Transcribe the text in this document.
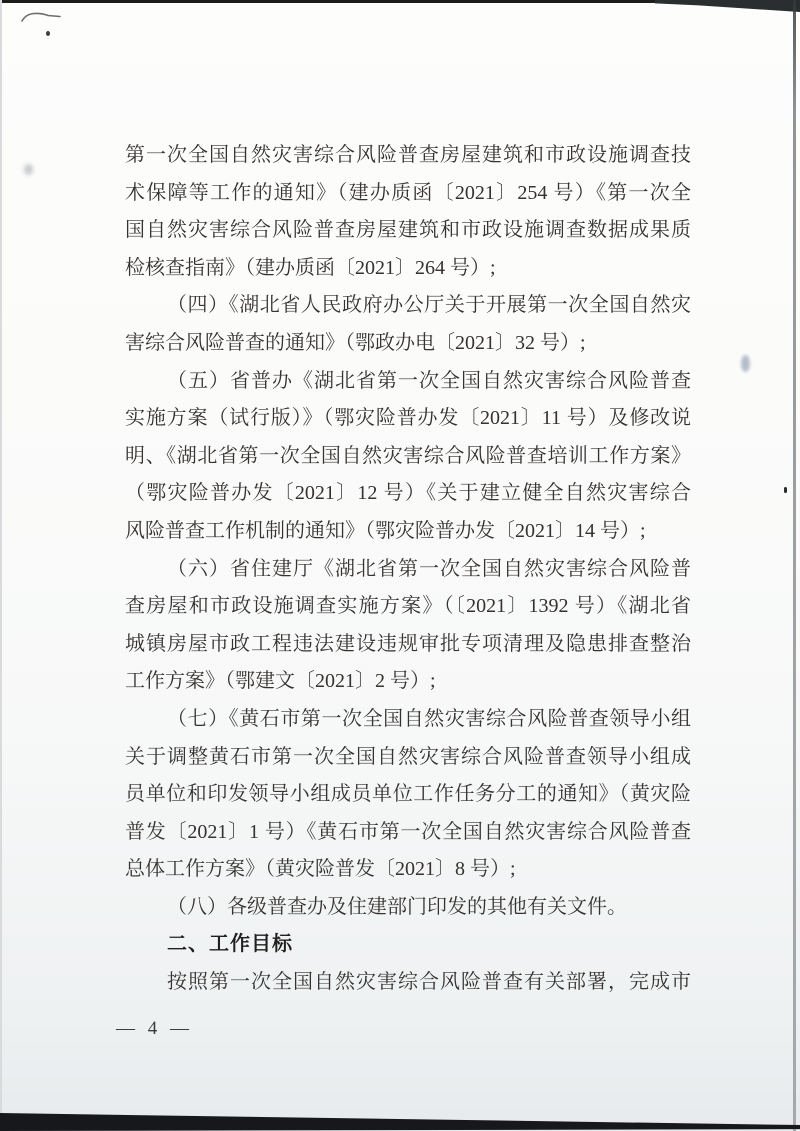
第一次全国自然灾害综合风险普查房屋建筑和市政设施调查技
术保障等工作的通知》（建办质函〔2021〕254 号）《第一次全
国自然灾害综合风险普查房屋建筑和市政设施调查数据成果质
检核查指南》（建办质函〔2021〕264 号）;
（四）《湖北省人民政府办公厅关于开展第一次全国自然灾
害综合风险普查的通知》（鄂政办电〔2021〕32 号）;
（五）省普办《湖北省第一次全国自然灾害综合风险普查
实施方案（试行版）》（鄂灾险普办发〔2021〕11 号）及修改说
明、《湖北省第一次全国自然灾害综合风险普查培训工作方案》
（鄂灾险普办发〔2021〕12 号）《关于建立健全自然灾害综合
风险普查工作机制的通知》（鄂灾险普办发〔2021〕14 号）;
（六）省住建厅《湖北省第一次全国自然灾害综合风险普
查房屋和市政设施调查实施方案》（〔2021〕1392 号）《湖北省
城镇房屋市政工程违法建设违规审批专项清理及隐患排查整治
工作方案》（鄂建文〔2021〕2 号）;
（七）《黄石市第一次全国自然灾害综合风险普查领导小组
关于调整黄石市第一次全国自然灾害综合风险普查领导小组成
员单位和印发领导小组成员单位工作任务分工的通知》（黄灾险
普发〔2021〕1 号）《黄石市第一次全国自然灾害综合风险普查
总体工作方案》（黄灾险普发〔2021〕8 号）;
（八）各级普查办及住建部门印发的其他有关文件。
二、工作目标
按照第一次全国自然灾害综合风险普查有关部署，完成市
— 4 —
